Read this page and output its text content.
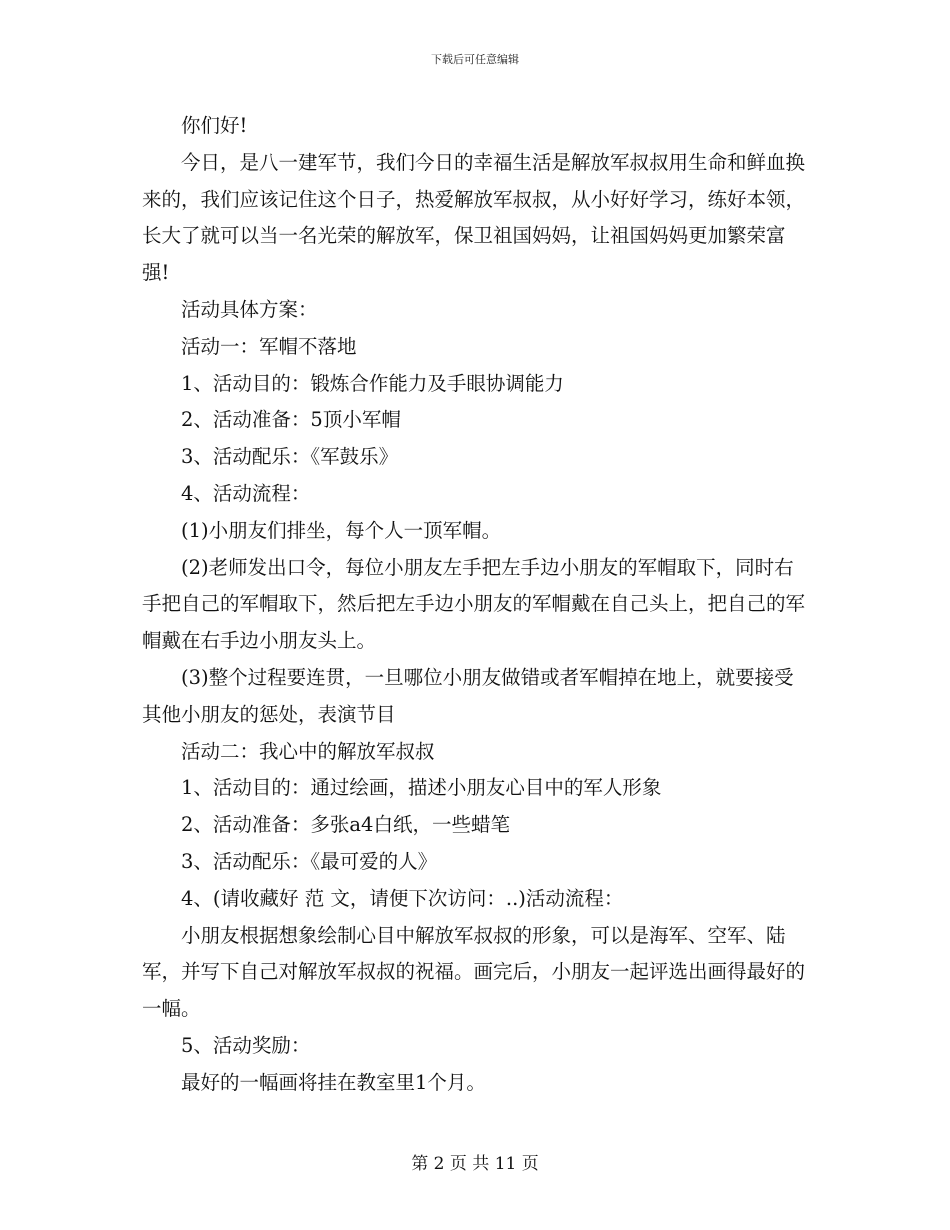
下载后可任意编辑

你们好!

今日，是八一建军节，我们今日的幸福生活是解放军叔叔用生命和鲜血换来的，我们应该记住这个日子，热爱解放军叔叔，从小好好学习，练好本领，长大了就可以当一名光荣的解放军，保卫祖国妈妈，让祖国妈妈更加繁荣富强!

活动具体方案：

活动一：军帽不落地

1、活动目的：锻炼合作能力及手眼协调能力

2、活动准备：5顶小军帽

3、活动配乐：《军鼓乐》

4、活动流程：

(1)小朋友们排坐，每个人一顶军帽。

(2)老师发出口令，每位小朋友左手把左手边小朋友的军帽取下，同时右手把自己的军帽取下，然后把左手边小朋友的军帽戴在自己头上，把自己的军帽戴在右手边小朋友头上。

(3)整个过程要连贯，一旦哪位小朋友做错或者军帽掉在地上，就要接受其他小朋友的惩处，表演节目

活动二：我心中的解放军叔叔

1、活动目的：通过绘画，描述小朋友心目中的军人形象

2、活动准备：多张a4白纸，一些蜡笔

3、活动配乐：《最可爱的人》

4、(请收藏好 范 文，请便下次访问：..)活动流程：

小朋友根据想象绘制心目中解放军叔叔的形象，可以是海军、空军、陆军，并写下自己对解放军叔叔的祝福。画完后，小朋友一起评选出画得最好的一幅。

5、活动奖励：

最好的一幅画将挂在教室里1个月。

第 2 页 共 11 页
